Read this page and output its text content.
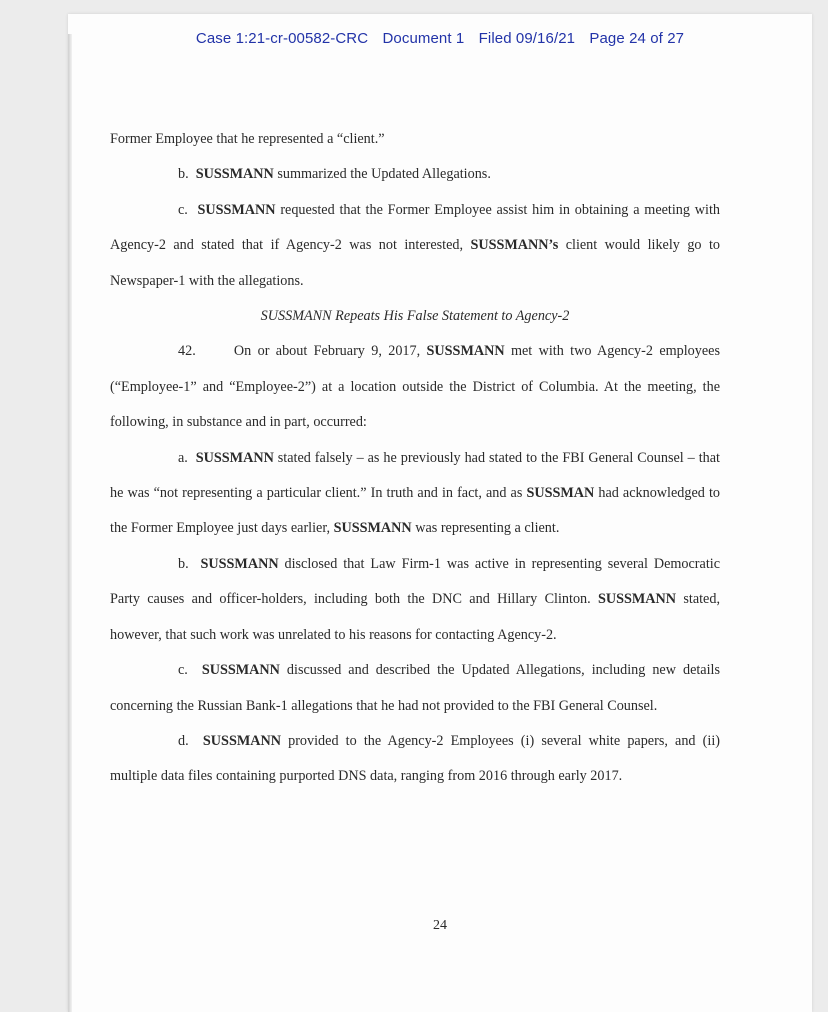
Case 1:21-cr-00582-CRC Document 1 Filed 09/16/21 Page 24 of 27

Former Employee that he represented a “client.”

b. SUSSMANN summarized the Updated Allegations.

c. SUSSMANN requested that the Former Employee assist him in obtaining a meeting with Agency-2 and stated that if Agency-2 was not interested, SUSSMANN’s client would likely go to Newspaper-1 with the allegations.

SUSSMANN Repeats His False Statement to Agency-2

42.	On or about February 9, 2017, SUSSMANN met with two Agency-2 employees (“Employee-1” and “Employee-2”) at a location outside the District of Columbia. At the meeting, the following, in substance and in part, occurred:

a. SUSSMANN stated falsely – as he previously had stated to the FBI General Counsel – that he was “not representing a particular client.” In truth and in fact, and as SUSSMAN had acknowledged to the Former Employee just days earlier, SUSSMANN was representing a client.

b. SUSSMANN disclosed that Law Firm-1 was active in representing several Democratic Party causes and officer-holders, including both the DNC and Hillary Clinton. SUSSMANN stated, however, that such work was unrelated to his reasons for contacting Agency-2.

c. SUSSMANN discussed and described the Updated Allegations, including new details concerning the Russian Bank-1 allegations that he had not provided to the FBI General Counsel.

d. SUSSMANN provided to the Agency-2 Employees (i) several white papers, and (ii) multiple data files containing purported DNS data, ranging from 2016 through early 2017.

24
